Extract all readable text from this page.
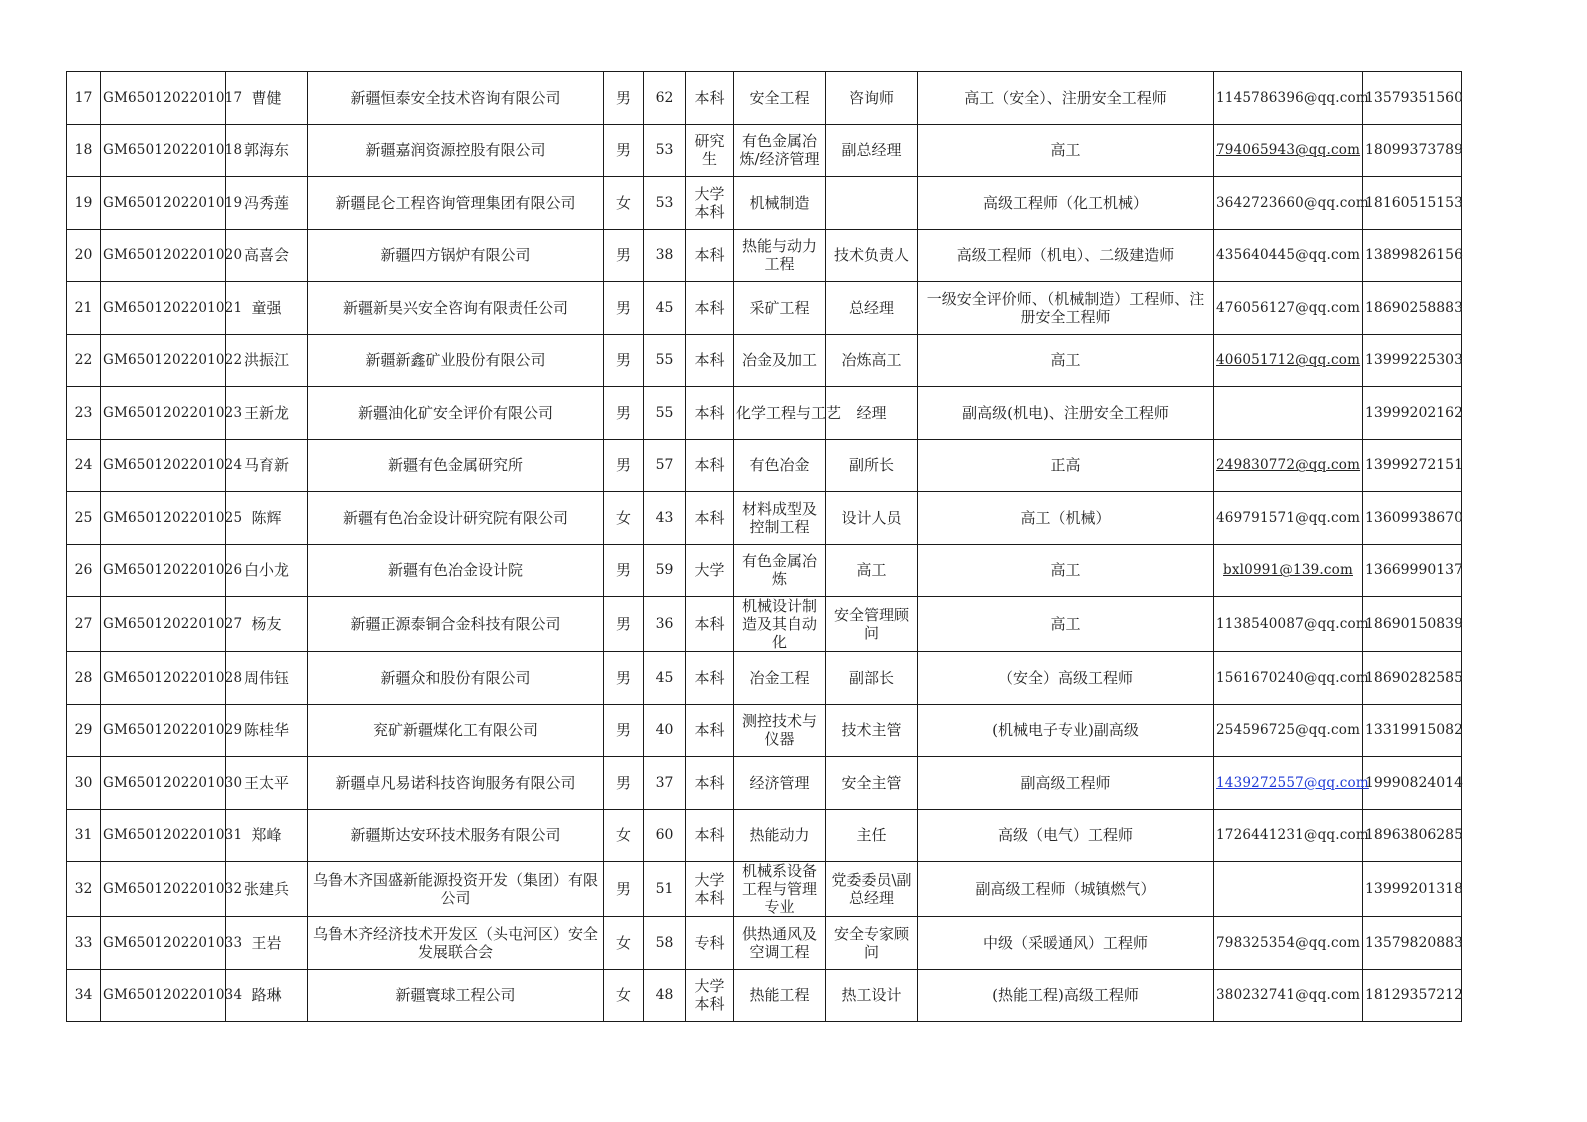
17	GM6501202201017	曹健	新疆恒泰安全技术咨询有限公司	男	62	本科	安全工程	咨询师	高工（安全）、注册安全工程师	1145786396@qq.com	13579351560
18	GM6501202201018	郭海东	新疆嘉润资源控股有限公司	男	53	研究生	有色金属冶炼/经济管理	副总经理	高工	794065943@qq.com	18099373789
19	GM6501202201019	冯秀莲	新疆昆仑工程咨询管理集团有限公司	女	53	大学本科	机械制造		高级工程师（化工机械）	3642723660@qq.com	18160515153
20	GM6501202201020	高喜会	新疆四方锅炉有限公司	男	38	本科	热能与动力工程	技术负责人	高级工程师（机电）、二级建造师	435640445@qq.com	13899826156
21	GM6501202201021	童强	新疆新昊兴安全咨询有限责任公司	男	45	本科	采矿工程	总经理	一级安全评价师、（机械制造）工程师、注册安全工程师	476056127@qq.com	18690258883
22	GM6501202201022	洪振江	新疆新鑫矿业股份有限公司	男	55	本科	冶金及加工	冶炼高工	高工	406051712@qq.com	13999225303
23	GM6501202201023	王新龙	新疆油化矿安全评价有限公司	男	55	本科	化学工程与工艺	经理	副高级(机电)、注册安全工程师		13999202162
24	GM6501202201024	马育新	新疆有色金属研究所	男	57	本科	有色冶金	副所长	正高	249830772@qq.com	13999272151
25	GM6501202201025	陈辉	新疆有色冶金设计研究院有限公司	女	43	本科	材料成型及控制工程	设计人员	高工（机械）	469791571@qq.com	13609938670
26	GM6501202201026	白小龙	新疆有色冶金设计院	男	59	大学	有色金属冶炼	高工	高工	bxl0991@139.com	13669990137
27	GM6501202201027	杨友	新疆正源泰铜合金科技有限公司	男	36	本科	机械设计制造及其自动化	安全管理顾问	高工	1138540087@qq.com	18690150839
28	GM6501202201028	周伟钰	新疆众和股份有限公司	男	45	本科	冶金工程	副部长	（安全）高级工程师	1561670240@qq.com	18690282585
29	GM6501202201029	陈桂华	兖矿新疆煤化工有限公司	男	40	本科	测控技术与仪器	技术主管	(机械电子专业)副高级	254596725@qq.com	13319915082
30	GM6501202201030	王太平	新疆卓凡易诺科技咨询服务有限公司	男	37	本科	经济管理	安全主管	副高级工程师	1439272557@qq.com	19990824014
31	GM6501202201031	郑峰	新疆斯达安环技术服务有限公司	女	60	本科	热能动力	主任	高级（电气）工程师	1726441231@qq.com	18963806285
32	GM6501202201032	张建兵	乌鲁木齐国盛新能源投资开发（集团）有限公司	男	51	大学本科	机械系设备工程与管理专业	党委委员\副总经理	副高级工程师（城镇燃气）		13999201318
33	GM6501202201033	王岩	乌鲁木齐经济技术开发区（头屯河区）安全发展联合会	女	58	专科	供热通风及空调工程	安全专家顾问	中级（采暖通风）工程师	798325354@qq.com	13579820883
34	GM6501202201034	路琳	新疆寰球工程公司	女	48	大学本科	热能工程	热工设计	(热能工程)高级工程师	380232741@qq.com	18129357212
